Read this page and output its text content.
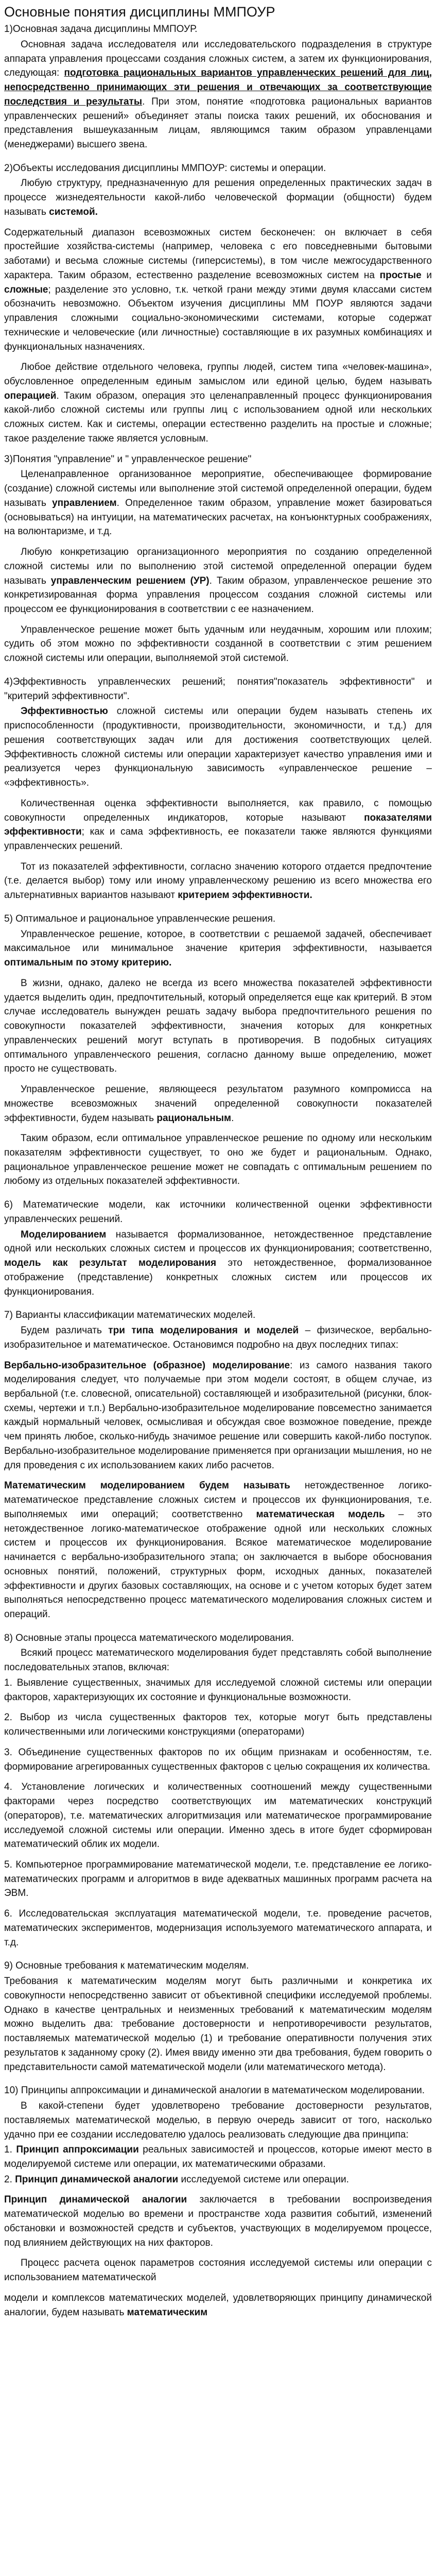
Основные понятия дисциплины ММПОУР

1)Основная задача дисциплины ММПОУР.

Основная задача исследователя или исследовательского подразделения в структуре аппарата управления процессами создания сложных систем, а затем их функционирования, следующая: подготовка рациональных вариантов управленческих решений для лиц, непосредственно принимающих эти решения и отвечающих за соответствующие последствия и результаты. При этом, понятие «подготовка рациональных вариантов управленческих решений» объединяет этапы поиска таких решений, их обоснования и представления вышеуказанным лицам, являющимся таким образом управленцами (менеджерами) высшего звена.

2)Объекты исследования дисциплины ММПОУР: системы и операции.

Любую структуру, предназначенную для решения определенных практических задач в процессе жизнедеятельности какой-либо человеческой формации (общности) будем называть системой.

Содержательный диапазон всевозможных систем бесконечен: он включает в себя простейшие хозяйства-системы (например, человека с его повседневными бытовыми заботами) и весьма сложные системы (гиперсистемы), в том числе межгосударственного характера. Таким образом, естественно разделение всевозможных систем на простые и сложные; разделение это условно, т.к. четкой грани между этими двумя классами систем обозначить невозможно. Объектом изучения дисциплины ММ ПОУР являются задачи управления сложными социально-экономическими системами, которые содержат технические и человеческие (или личностные) составляющие в их разумных комбинациях и функциональных назначениях.

Любое действие отдельного человека, группы людей, систем типа «человек-машина», обусловленное определенным единым замыслом или единой целью, будем называть операцией. Таким образом, операция это целенаправленный процесс функционирования какой-либо сложной системы или группы лиц с использованием одной или нескольких сложных систем. Как и системы, операции естественно разделить на простые и сложные; такое разделение также является условным.

3)Понятия "управление" и " управленческое решение"

Целенаправленное организованное мероприятие, обеспечивающее формирование (создание) сложной системы или выполнение этой системой определенной операции, будем называть управлением. Определенное таким образом, управление может базироваться (основываться) на интуиции, на математических расчетах, на конъюнктурных соображениях, на волюнтаризме, и т.д.

Любую конкретизацию организационного мероприятия по созданию определенной сложной системы или по выполнению этой системой определенной операции будем называть управленческим решением (УР). Таким образом, управленческое решение это конкретизированная форма управления процессом создания сложной системы или процессом ее функционирования в соответствии с ее назначением.

Управленческое решение может быть удачным или неудачным, хорошим или плохим; судить об этом можно по эффективности созданной в соответствии с этим решением сложной системы или операции, выполняемой этой системой.

4)Эффективность управленческих решений; понятия"показатель эффективности" и "критерий эффективности".

Эффективностью сложной системы или операции будем называть степень их приспособленности (продуктивности, производительности, экономичности, и т.д.) для решения соответствующих задач или для достижения соответствующих целей. Эффективность сложной системы или операции характеризует качество управления ими и реализуется через функциональную зависимость «управленческое решение – «эффективность».

Количественная оценка эффективности выполняется, как правило, с помощью совокупности определенных индикаторов, которые называют показателями эффективности; как и сама эффективность, ее показатели также являются функциями управленческих решений.

Тот из показателей эффективности, согласно значению которого отдается предпочтение (т.е. делается выбор) тому или иному управленческому решению из всего множества его альтернативных вариантов называют критерием эффективности.

5) Оптимальное и рациональное управленческие решения.

Управленческое решение, которое, в соответствии с решаемой задачей, обеспечивает максимальное или минимальное значение критерия эффективности, называется оптимальным по этому критерию.

В жизни, однако, далеко не всегда из всего множества показателей эффективности удается выделить один, предпочтительный, который определяется еще как критерий. В этом случае исследователь вынужден решать задачу выбора предпочтительного решения по совокупности показателей эффективности, значения которых для конкретных управленческих решений могут вступать в противоречия. В подобных ситуациях оптимального управленческого решения, согласно данному выше определению, может просто не существовать.

Управленческое решение, являющееся результатом разумного компромисса на множестве всевозможных значений определенной совокупности показателей эффективности, будем называть рациональным.

Таким образом, если оптимальное управленческое решение по одному или нескольким показателям эффективности существует, то оно же будет и рациональным. Однако, рациональное управленческое решение может не совпадать с оптимальным решением по любому из отдельных показателей эффективности.

6) Математические модели, как источники количественной оценки эффективности управленческих решений.

Моделированием называется формализованное, нетождественное представление одной или нескольких сложных систем и процессов их функционирования; соответственно, модель как результат моделирования это нетождественное, формализованное отображение (представление) конкретных сложных систем или процессов их функционирования.

7) Варианты классификации математических моделей.

Будем различать три типа моделирования и моделей – физическое, вербально-изобразительное и математическое. Остановимся подробно на двух последних типах:

Вербально-изобразительное (образное) моделирование: из самого названия такого моделирования следует, что получаемые при этом модели состоят, в общем случае, из вербальной (т.е. словесной, описательной) составляющей и изобразительной (рисунки, блок-схемы, чертежи и т.п.) Вербально-изобразительное моделирование повсеместно занимается каждый нормальный человек, осмысливая и обсуждая свое возможное поведение, прежде чем принять любое, сколько-нибудь значимое решение или совершить какой-либо поступок. Вербально-изобразительное моделирование применяется при организации мышления, но не для проведения с их использованием каких либо расчетов.

Математическим моделированием будем называть нетождественное логико-математическое представление сложных систем и процессов их функционирования, т.е. выполняемых ими операций; соответственно математическая модель – это нетождественное логико-математическое отображение одной или нескольких сложных систем и процессов их функционирования. Всякое математическое моделирование начинается с вербально-изобразительного этапа; он заключается в выборе обоснования основных понятий, положений, структурных форм, исходных данных, показателей эффективности и других базовых составляющих, на основе и с учетом которых будет затем выполняться непосредственно процесс математического моделирования сложных систем и операций.

8) Основные этапы процесса математического моделирования.

Всякий процесс математического моделирования будет представлять собой выполнение последовательных этапов, включая:

1. Выявление существенных, значимых для исследуемой сложной системы или операции факторов, характеризующих их состояние и функциональные возможности.

2. Выбор из числа существенных факторов тех, которые могут быть представлены количественными или логическими конструкциями (операторами)

3. Объединение существенных факторов по их общим признакам и особенностям, т.е. формирование агрегированных существенных факторов с целью сокращения их количества.

4. Установление логических и количественных соотношений между существенными факторами через посредство соответствующих им математических конструкций (операторов), т.е. математических алгоритмизация или математическое программирование исследуемой сложной системы или операции. Именно здесь в итоге будет сформирован математический облик их модели.

5. Компьютерное программирование математической модели, т.е. представление ее логико-математических программ и алгоритмов в виде адекватных машинных программ расчета на ЭВМ.

6. Исследовательская эксплуатация математической модели, т.е. проведение расчетов, математических экспериментов, модернизация используемого математического аппарата, и т.д.

9) Основные требования к математическим моделям.

Требования к математическим моделям могут быть различными и конкретика их совокупности непосредственно зависит от объективной специфики исследуемой проблемы. Однако в качестве центральных и неизменных требований к математическим моделям можно выделить два: требование достоверности и непротиворечивости результатов, поставляемых математической моделью (1) и требование оперативности получения этих результатов к заданному сроку (2). Имея ввиду именно эти два требования, будем говорить о представительности самой математической модели (или математического метода).

10) Принципы аппроксимации и динамической аналогии в математическом моделировании.

В какой-степени будет удовлетворено требование достоверности результатов, поставляемых математической моделью, в первую очередь зависит от того, насколько удачно при ее создании исследователю удалось реализовать следующие два принципа:

1. Принцип аппроксимации реальных зависимостей и процессов, которые имеют место в моделируемой системе или операции, их математическими образами.

2. Принцип динамической аналогии исследуемой системе или операции.

Принцип динамической аналогии заключается в требовании воспроизведения математической моделью во времени и пространстве хода развития событий, изменений обстановки и возможностей средств и субъектов, участвующих в моделируемом процессе, под влиянием действующих на них факторов.

Процесс расчета оценок параметров состояния исследуемой системы или операции с использованием математической

модели и комплексов математических моделей, удовлетворяющих принципу динамической аналогии, будем называть математическим
